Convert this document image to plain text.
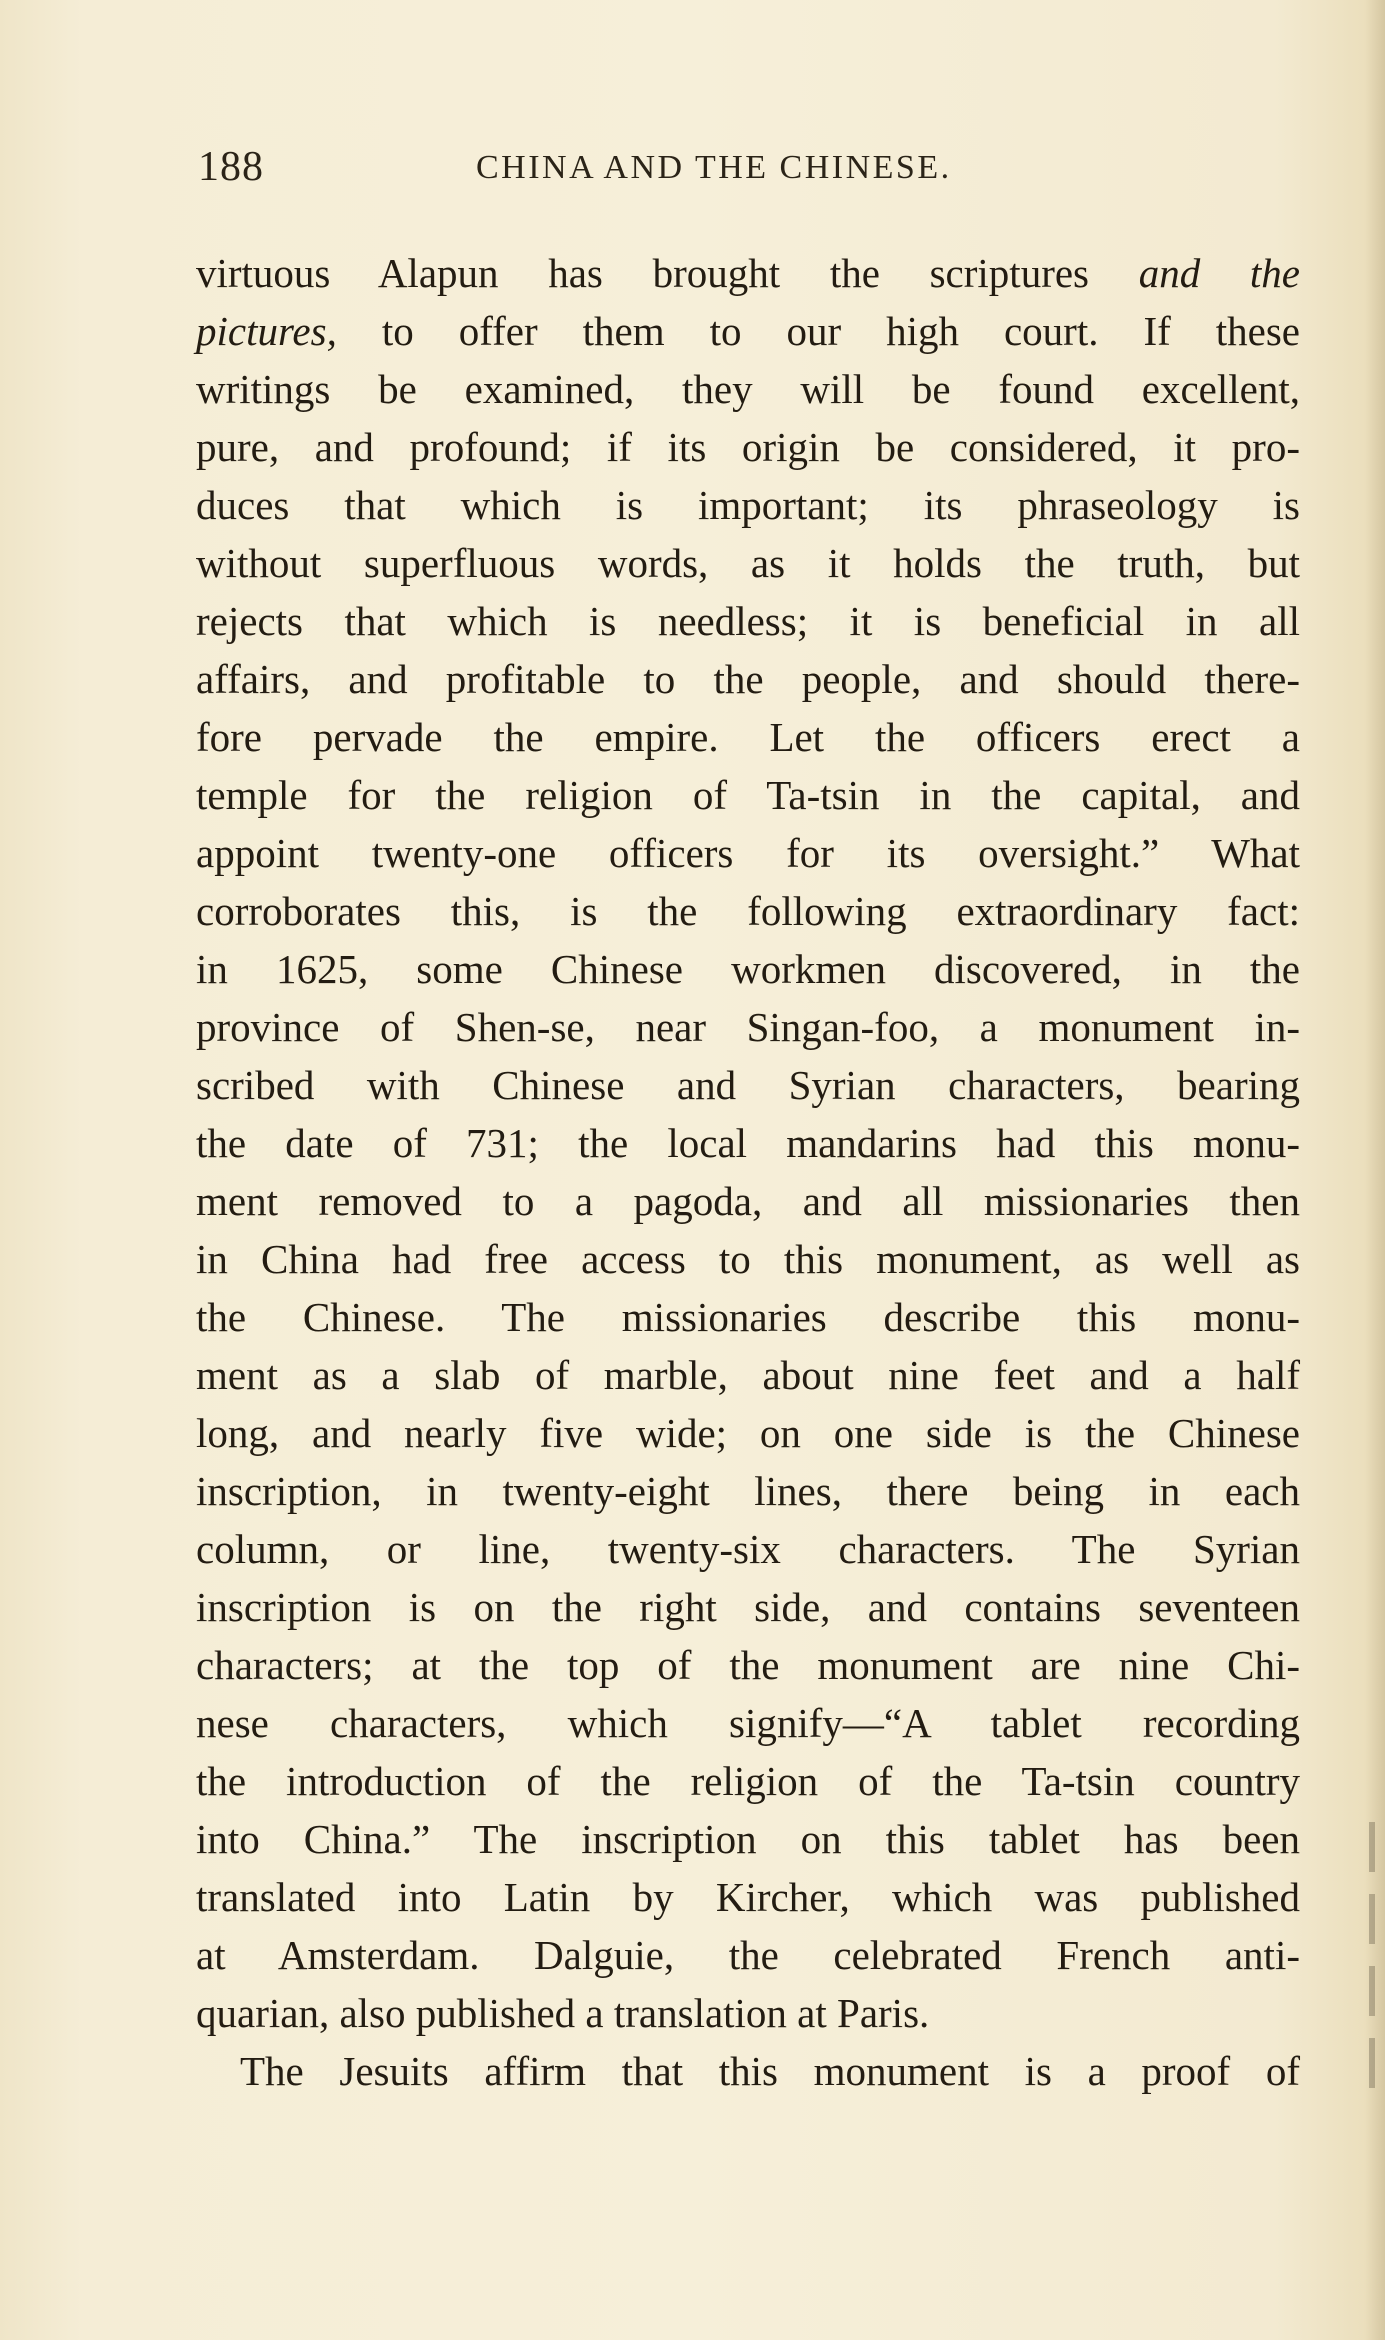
188	CHINA AND THE CHINESE.
virtuous Alapun has brought the scriptures and the
pictures, to offer them to our high court. If these
writings be examined, they will be found excellent,
pure, and profound; if its origin be considered, it pro-
duces that which is important; its phraseology is
without superfluous words, as it holds the truth, but
rejects that which is needless; it is beneficial in all
affairs, and profitable to the people, and should there-
fore pervade the empire. Let the officers erect a
temple for the religion of Ta-tsin in the capital, and
appoint twenty-one officers for its oversight.” What
corroborates this, is the following extraordinary fact:
in 1625, some Chinese workmen discovered, in the
province of Shen-se, near Singan-foo, a monument in-
scribed with Chinese and Syrian characters, bearing
the date of 731; the local mandarins had this monu-
ment removed to a pagoda, and all missionaries then
in China had free access to this monument, as well as
the Chinese. The missionaries describe this monu-
ment as a slab of marble, about nine feet and a half
long, and nearly five wide; on one side is the Chinese
inscription, in twenty-eight lines, there being in each
column, or line, twenty-six characters. The Syrian
inscription is on the right side, and contains seventeen
characters; at the top of the monument are nine Chi-
nese characters, which signify—“A tablet recording
the introduction of the religion of the Ta-tsin country
into China.” The inscription on this tablet has been
translated into Latin by Kircher, which was published
at Amsterdam. Dalguie, the celebrated French anti-
quarian, also published a translation at Paris.
The Jesuits affirm that this monument is a proof of
